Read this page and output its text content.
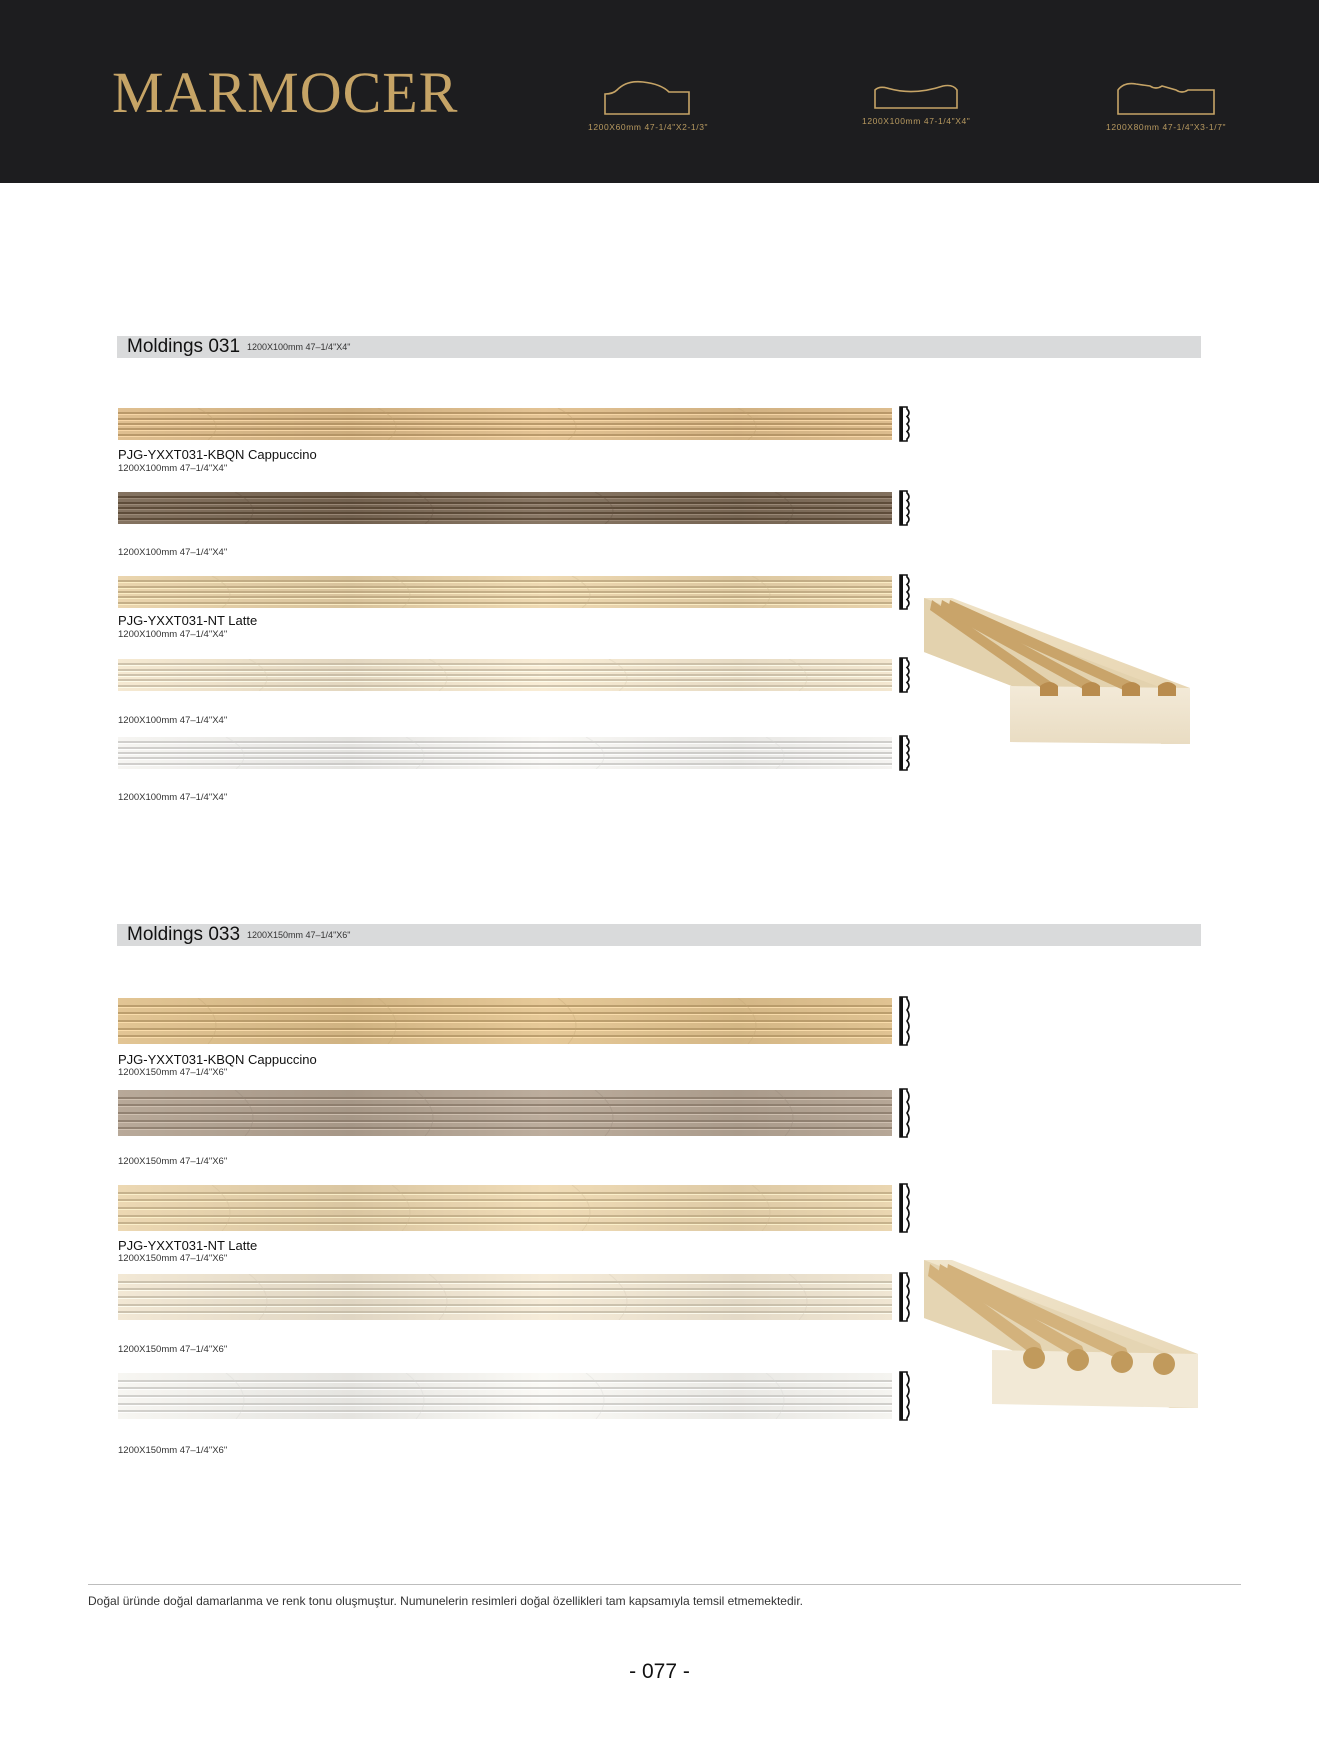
MARMOCER
1200X60mm 47-1/4"X2-1/3"
1200X100mm 47-1/4"X4"
1200X80mm 47-1/4"X3-1/7"
Moldings 031 1200X100mm 47–1/4"X4"
PJG-YXXT031-KBQN Cappuccino
1200X100mm 47–1/4"X4"
1200X100mm 47–1/4"X4"
PJG-YXXT031-NT Latte
1200X100mm 47–1/4"X4"
1200X100mm 47–1/4"X4"
1200X100mm 47–1/4"X4"
Moldings 033 1200X150mm 47–1/4"X6"
PJG-YXXT031-KBQN Cappuccino
1200X150mm 47–1/4"X6"
1200X150mm 47–1/4"X6"
PJG-YXXT031-NT Latte
1200X150mm 47–1/4"X6"
1200X150mm 47–1/4"X6"
1200X150mm 47–1/4"X6"
Doğal üründe doğal damarlanma ve renk tonu oluşmuştur. Numunelerin resimleri doğal özellikleri tam kapsamıyla temsil etmemektedir.
- 077 -
